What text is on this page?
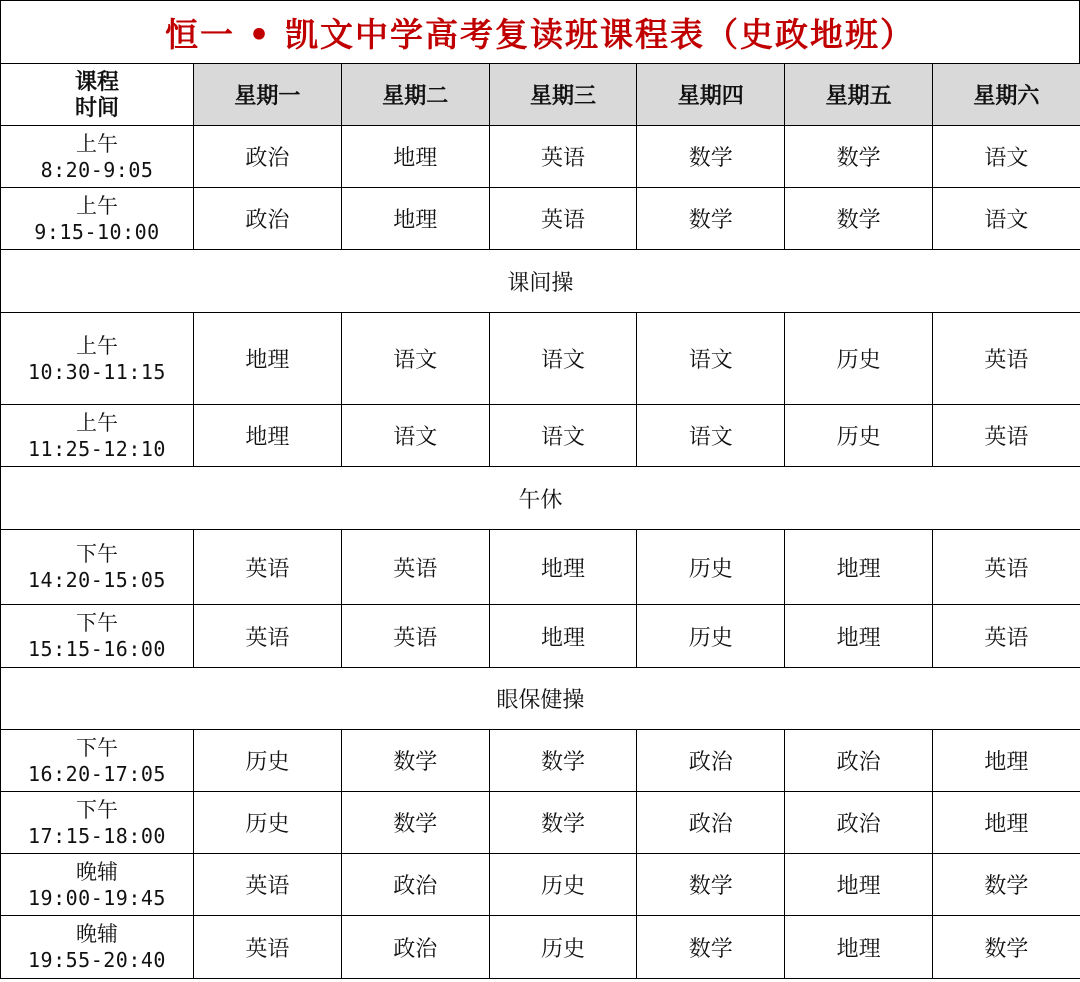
恒一 • 凯文中学高考复读班课程表（史政地班）
课程
时间	星期一	星期二	星期三	星期四	星期五	星期六

上午
8:20-9:05	政治	地理	英语	数学	数学	语文

上午
9:15-10:00	政治	地理	英语	数学	数学	语文
课间操						

上午
10:30-11:15	地理	语文	语文	语文	历史	英语

上午
11:25-12:10	地理	语文	语文	语文	历史	英语
午休						

下午
14:20-15:05	英语	英语	地理	历史	地理	英语

下午
15:15-16:00	英语	英语	地理	历史	地理	英语
眼保健操						

下午
16:20-17:05	历史	数学	数学	政治	政治	地理

下午
17:15-18:00	历史	数学	数学	政治	政治	地理

晚辅
19:00-19:45	英语	政治	历史	数学	地理	数学

晚辅
19:55-20:40	英语	政治	历史	数学	地理	数学
